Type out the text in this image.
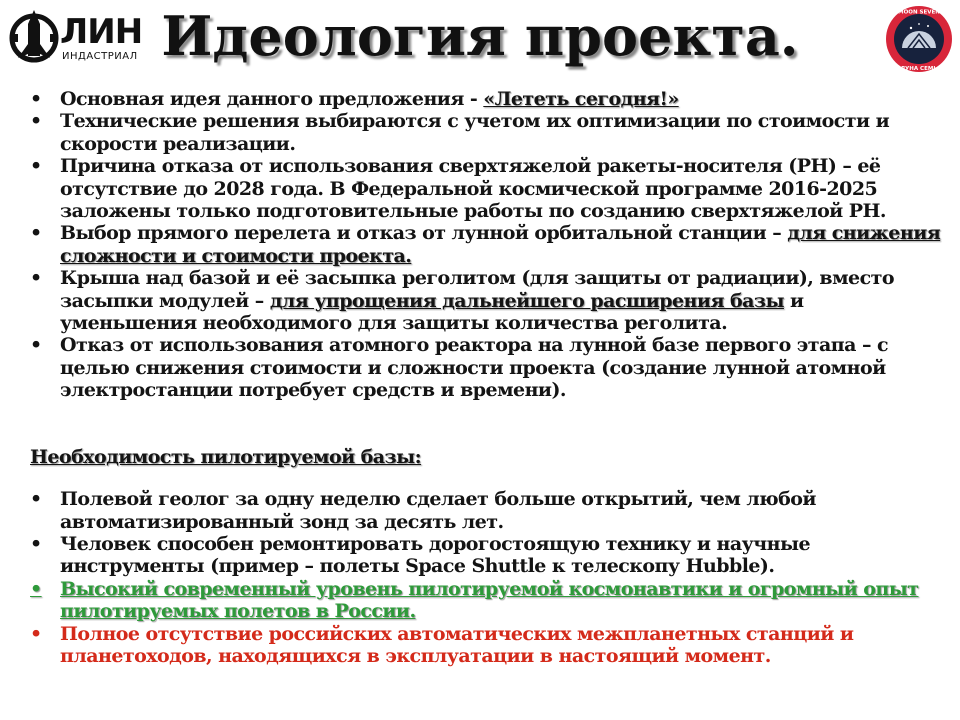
ЛИН
ИНДАСТРИАЛ Идеология проекта.	MOON SEVEN
ЛУНА СЕМЬ
• Основная идея данного предложения - «Лететь сегодня!»
• Технические решения выбираются с учетом их оптимизации по стоимости и скорости реализации.
• Причина отказа от использования сверхтяжелой ракеты-носителя (РН) – её отсутствие до 2028 года. В Федеральной космической программе 2016-2025 заложены только подготовительные работы по созданию сверхтяжелой РН.
• Выбор прямого перелета и отказ от лунной орбитальной станции – для снижения сложности и стоимости проекта.
• Крыша над базой и её засыпка реголитом (для защиты от радиации), вместо засыпки модулей – для упрощения дальнейшего расширения базы и уменьшения необходимого для защиты количества реголита.
• Отказ от использования атомного реактора на лунной базе первого этапа – с целью снижения стоимости и сложности проекта (создание лунной атомной электростанции потребует средств и времени).
Необходимость пилотируемой базы:
• Полевой геолог за одну неделю сделает больше открытий, чем любой автоматизированный зонд за десять лет.
• Человек способен ремонтировать дорогостоящую технику и научные инструменты (пример – полеты Space Shuttle к телескопу Hubble).
• Высокий современный уровень пилотируемой космонавтики и огромный опыт пилотируемых полетов в России.
• Полное отсутствие российских автоматических межпланетных станций и планетоходов, находящихся в эксплуатации в настоящий момент.
